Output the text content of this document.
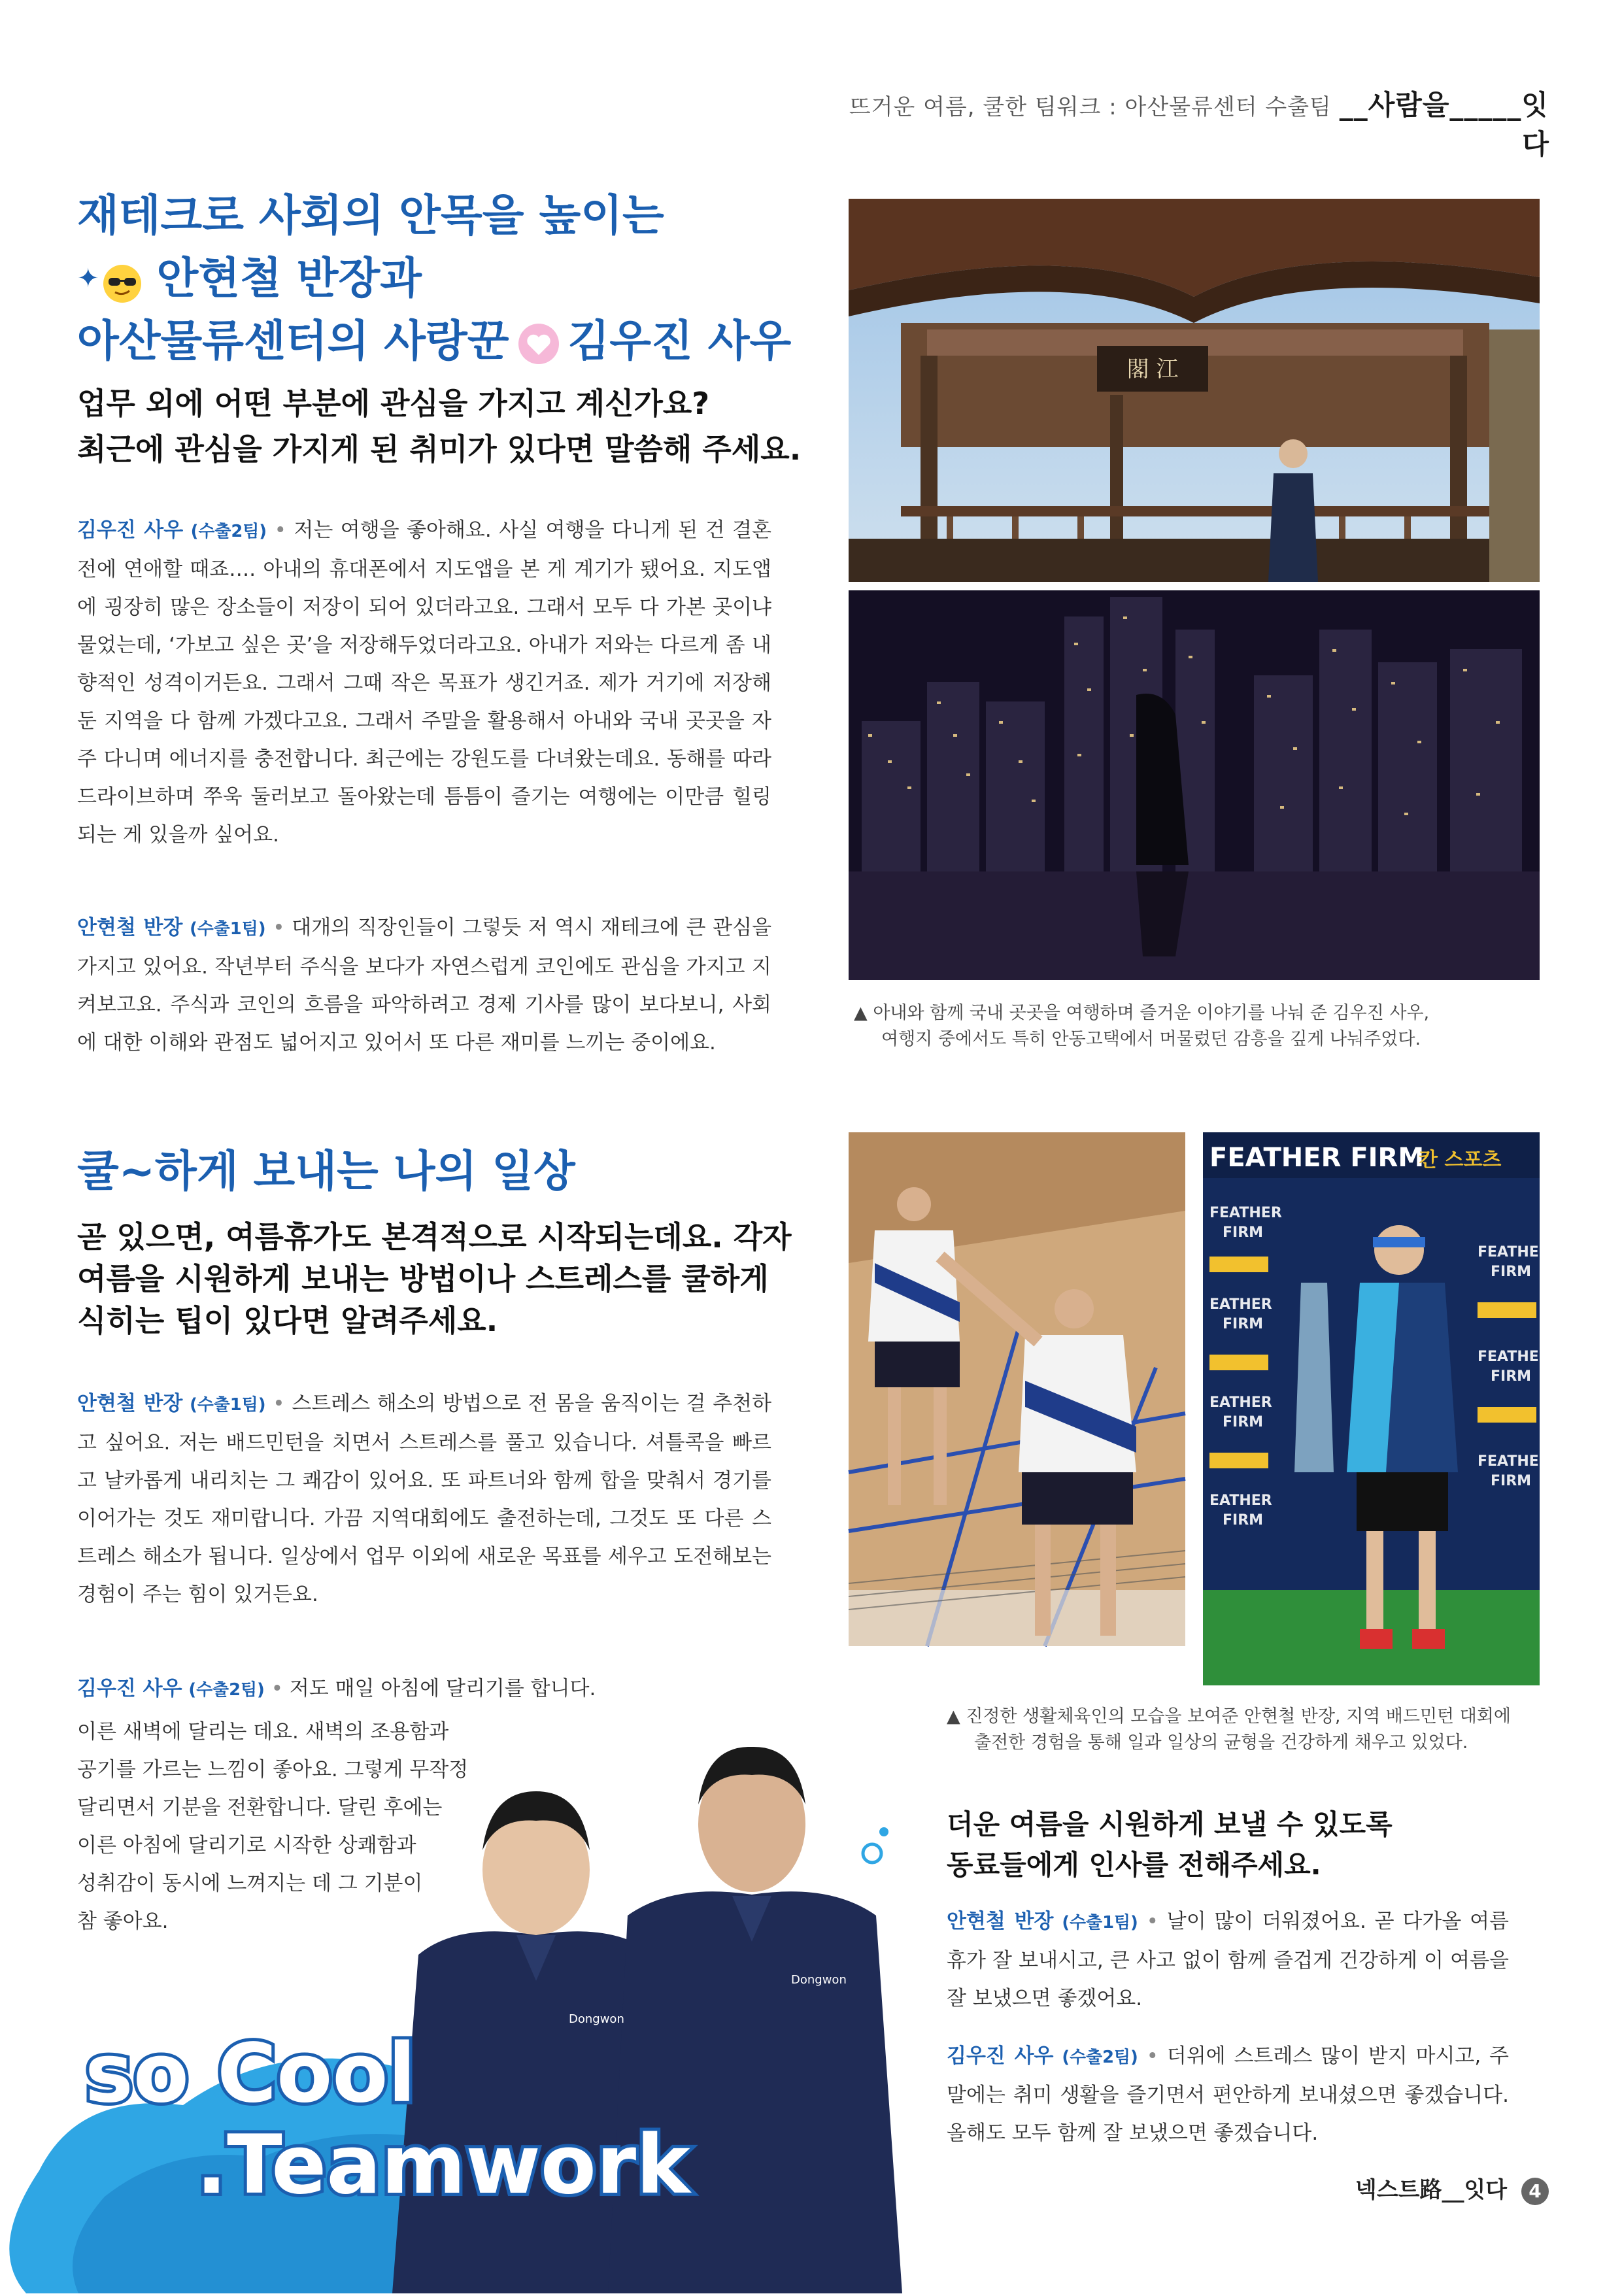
뜨거운 여름, 쿨한 팀워크 : 아산물류센터 수출팀 __사람을_____잇
다
재테크로 사회의 안목을 높이는
✦ 안현철 반장과
아산물류센터의 사랑꾼 김우진 사우
업무 외에 어떤 부분에 관심을 가지고 계신가요?
최근에 관심을 가지게 된 취미가 있다면 말씀해 주세요.
김우진 사우 (수출2팀) • 저는 여행을 좋아해요. 사실 여행을 다니게 된 건 결혼 전에 연애할 때죠…. 아내의 휴대폰에서 지도앱을 본 게 계기가 됐어요. 지도앱에 굉장히 많은 장소들이 저장이 되어 있더라고요. 그래서 모두 다 가본 곳이냐 물었는데, ‘가보고 싶은 곳’을 저장해두었더라고요. 아내가 저와는 다르게 좀 내향적인 성격이거든요. 그래서 그때 작은 목표가 생긴거죠. 제가 거기에 저장해 둔 지역을 다 함께 가겠다고요. 그래서 주말을 활용해서 아내와 국내 곳곳을 자주 다니며 에너지를 충전합니다. 최근에는 강원도를 다녀왔는데요. 동해를 따라 드라이브하며 쭈욱 둘러보고 돌아왔는데 틈틈이 즐기는 여행에는 이만큼 힐링되는 게 있을까 싶어요.
안현철 반장 (수출1팀) • 대개의 직장인들이 그렇듯 저 역시 재테크에 큰 관심을 가지고 있어요. 작년부터 주식을 보다가 자연스럽게 코인에도 관심을 가지고 지켜보고요. 주식과 코인의 흐름을 파악하려고 경제 기사를 많이 보다보니, 사회에 대한 이해와 관점도 넓어지고 있어서 또 다른 재미를 느끼는 중이에요.
閣 江
▲ 아내와 함께 국내 곳곳을 여행하며 즐거운 이야기를 나눠 준 김우진 사우,
여행지 중에서도 특히 안동고택에서 머물렀던 감흥을 깊게 나눠주었다.
쿨~하게 보내는 나의 일상
곧 있으면, 여름휴가도 본격적으로 시작되는데요. 각자
여름을 시원하게 보내는 방법이나 스트레스를 쿨하게
식히는 팁이 있다면 알려주세요.
안현철 반장 (수출1팀) • 스트레스 해소의 방법으로 전 몸을 움직이는 걸 추천하고 싶어요. 저는 배드민턴을 치면서 스트레스를 풀고 있습니다. 셔틀콕을 빠르고 날카롭게 내리치는 그 쾌감이 있어요. 또 파트너와 함께 합을 맞춰서 경기를 이어가는 것도 재미랍니다. 가끔 지역대회에도 출전하는데, 그것도 또 다른 스트레스 해소가 됩니다. 일상에서 업무 이외에 새로운 목표를 세우고 도전해보는 경험이 주는 힘이 있거든요.
김우진 사우 (수출2팀) • 저도 매일 아침에 달리기를 합니다.
이른 새벽에 달리는 데요. 새벽의 조용함과
공기를 가르는 느낌이 좋아요. 그렇게 무작정
달리면서 기분을 전환합니다. 달린 후에는
이른 아침에 달리기로 시작한 상쾌함과
성취감이 동시에 느껴지는 데 그 기분이
참 좋아요.
FEATHER FIRM
칸 스포츠
FEATHER
FIRM
EATHER
FIRM
EATHER
FIRM
EATHER
FIRM
FEATHER
FIRM
FEATHER
FIRM
FEATHER
FIRM
▲ 진정한 생활체육인의 모습을 보여준 안현철 반장, 지역 배드민턴 대회에
출전한 경험을 통해 일과 일상의 균형을 건강하게 채우고 있었다.
더운 여름을 시원하게 보낼 수 있도록
동료들에게 인사를 전해주세요.
안현철 반장 (수출1팀) • 날이 많이 더워졌어요. 곧 다가올 여름휴가 잘 보내시고, 큰 사고 없이 함께 즐겁게 건강하게 이 여름을 잘 보냈으면 좋겠어요.
김우진 사우 (수출2팀) • 더위에 스트레스 많이 받지 마시고, 주말에는 취미 생활을 즐기면서 편안하게 보내셨으면 좋겠습니다. 올해도 모두 함께 잘 보냈으면 좋겠습니다.
Dongwon
Dongwon
so Cool
.Teamwork	넥스트路__잇다 4
